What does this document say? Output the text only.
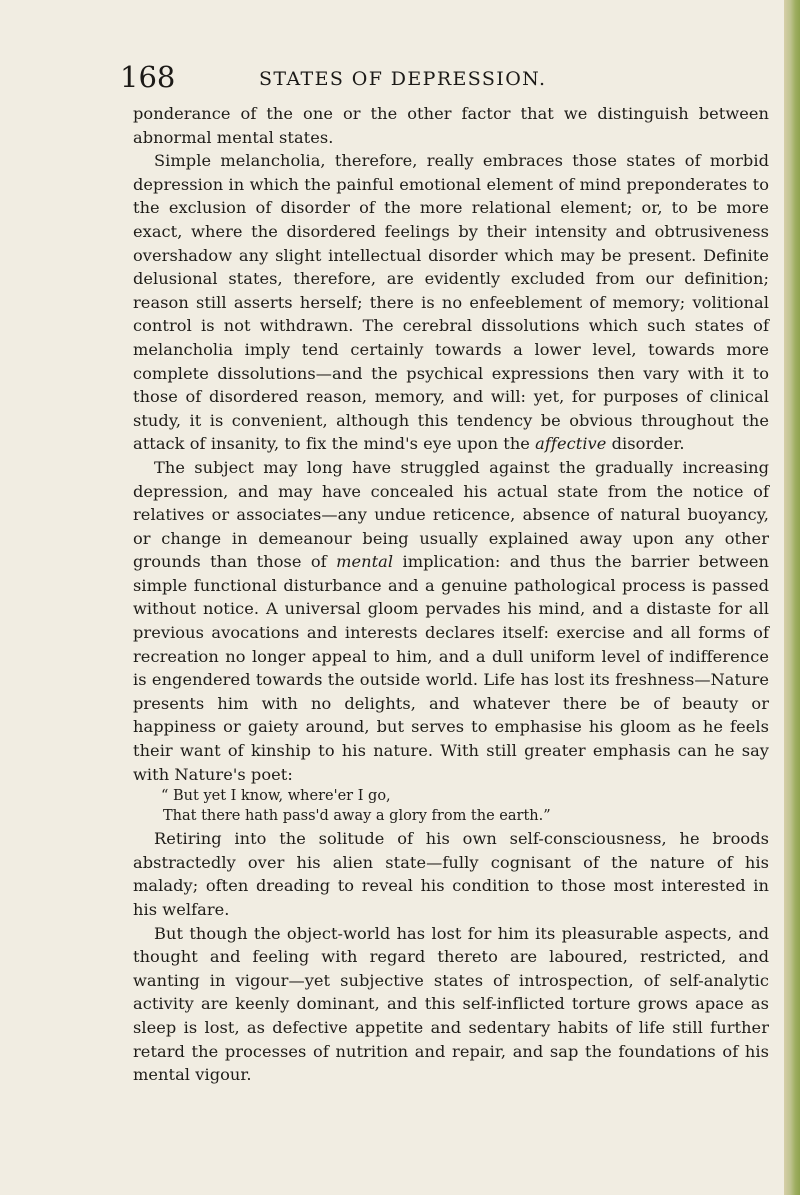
168	STATES OF DEPRESSION.

ponderance of the one or the other factor that we distinguish between abnormal mental states.

Simple melancholia, therefore, really embraces those states of morbid depression in which the painful emotional element of mind preponderates to the exclusion of disorder of the more relational element; or, to be more exact, where the disordered feelings by their intensity and obtrusiveness overshadow any slight intellectual disorder which may be present. Definite delusional states, therefore, are evidently excluded from our definition; reason still asserts herself; there is no enfeeblement of memory; volitional control is not withdrawn. The cerebral dissolutions which such states of melancholia imply tend certainly towards a lower level, towards more complete dissolutions—and the psychical expressions then vary with it to those of disordered reason, memory, and will: yet, for purposes of clinical study, it is convenient, although this tendency be obvious throughout the attack of insanity, to fix the mind's eye upon the affective disorder.

The subject may long have struggled against the gradually increasing depression, and may have concealed his actual state from the notice of relatives or associates—any undue reticence, absence of natural buoyancy, or change in demeanour being usually explained away upon any other grounds than those of mental implication: and thus the barrier between simple functional disturbance and a genuine pathological process is passed without notice. A universal gloom pervades his mind, and a distaste for all previous avocations and interests declares itself: exercise and all forms of recreation no longer appeal to him, and a dull uniform level of indifference is engendered towards the outside world. Life has lost its freshness—Nature presents him with no delights, and whatever there be of beauty or happiness or gaiety around, but serves to emphasise his gloom as he feels their want of kinship to his nature. With still greater emphasis can he say with Nature's poet:

“ But yet I know, where'er I go,
That there hath pass'd away a glory from the earth.”

Retiring into the solitude of his own self-consciousness, he broods abstractedly over his alien state—fully cognisant of the nature of his malady; often dreading to reveal his condition to those most interested in his welfare.

But though the object-world has lost for him its pleasurable aspects, and thought and feeling with regard thereto are laboured, restricted, and wanting in vigour—yet subjective states of introspection, of self-analytic activity are keenly dominant, and this self-inflicted torture grows apace as sleep is lost, as defective appetite and sedentary habits of life still further retard the processes of nutrition and repair, and sap the foundations of his mental vigour.
